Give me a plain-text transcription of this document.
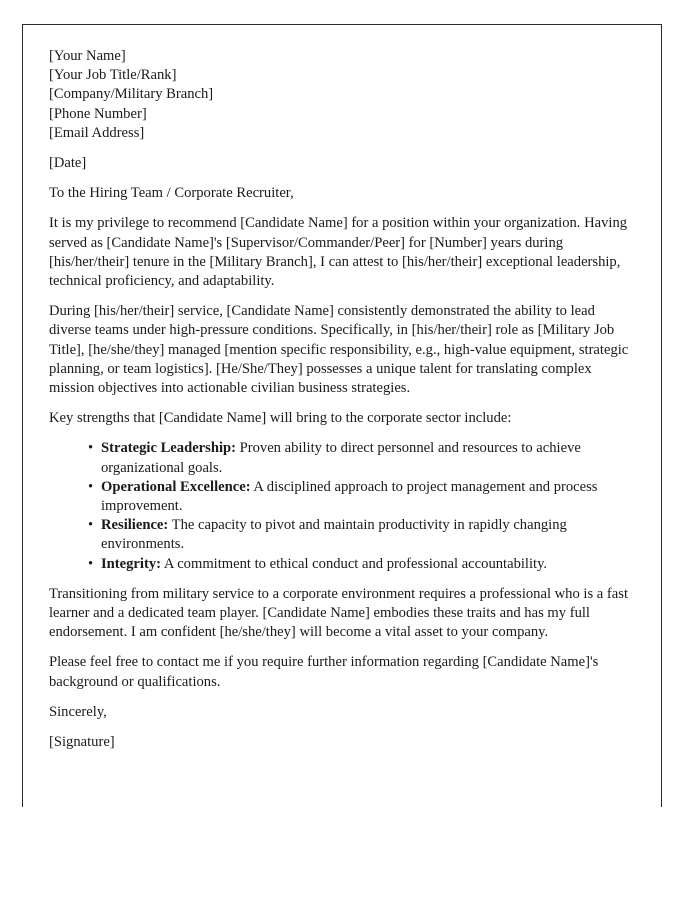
[Your Name]
[Your Job Title/Rank]
[Company/Military Branch]
[Phone Number]
[Email Address]
[Date]
To the Hiring Team / Corporate Recruiter,
It is my privilege to recommend [Candidate Name] for a position within your organization. Having served as [Candidate Name]'s [Supervisor/Commander/Peer] for [Number] years during [his/her/their] tenure in the [Military Branch], I can attest to [his/her/their] exceptional leadership, technical proficiency, and adaptability.
During [his/her/their] service, [Candidate Name] consistently demonstrated the ability to lead diverse teams under high-pressure conditions. Specifically, in [his/her/their] role as [Military Job Title], [he/she/they] managed [mention specific responsibility, e.g., high-value equipment, strategic planning, or team logistics]. [He/She/They] possesses a unique talent for translating complex mission objectives into actionable civilian business strategies.
Key strengths that [Candidate Name] will bring to the corporate sector include:
• Strategic Leadership: Proven ability to direct personnel and resources to achieve organizational goals.
• Operational Excellence: A disciplined approach to project management and process improvement.
• Resilience: The capacity to pivot and maintain productivity in rapidly changing environments.
• Integrity: A commitment to ethical conduct and professional accountability.
Transitioning from military service to a corporate environment requires a professional who is a fast learner and a dedicated team player. [Candidate Name] embodies these traits and has my full endorsement. I am confident [he/she/they] will become a vital asset to your company.
Please feel free to contact me if you require further information regarding [Candidate Name]'s background or qualifications.
Sincerely,
[Signature]
